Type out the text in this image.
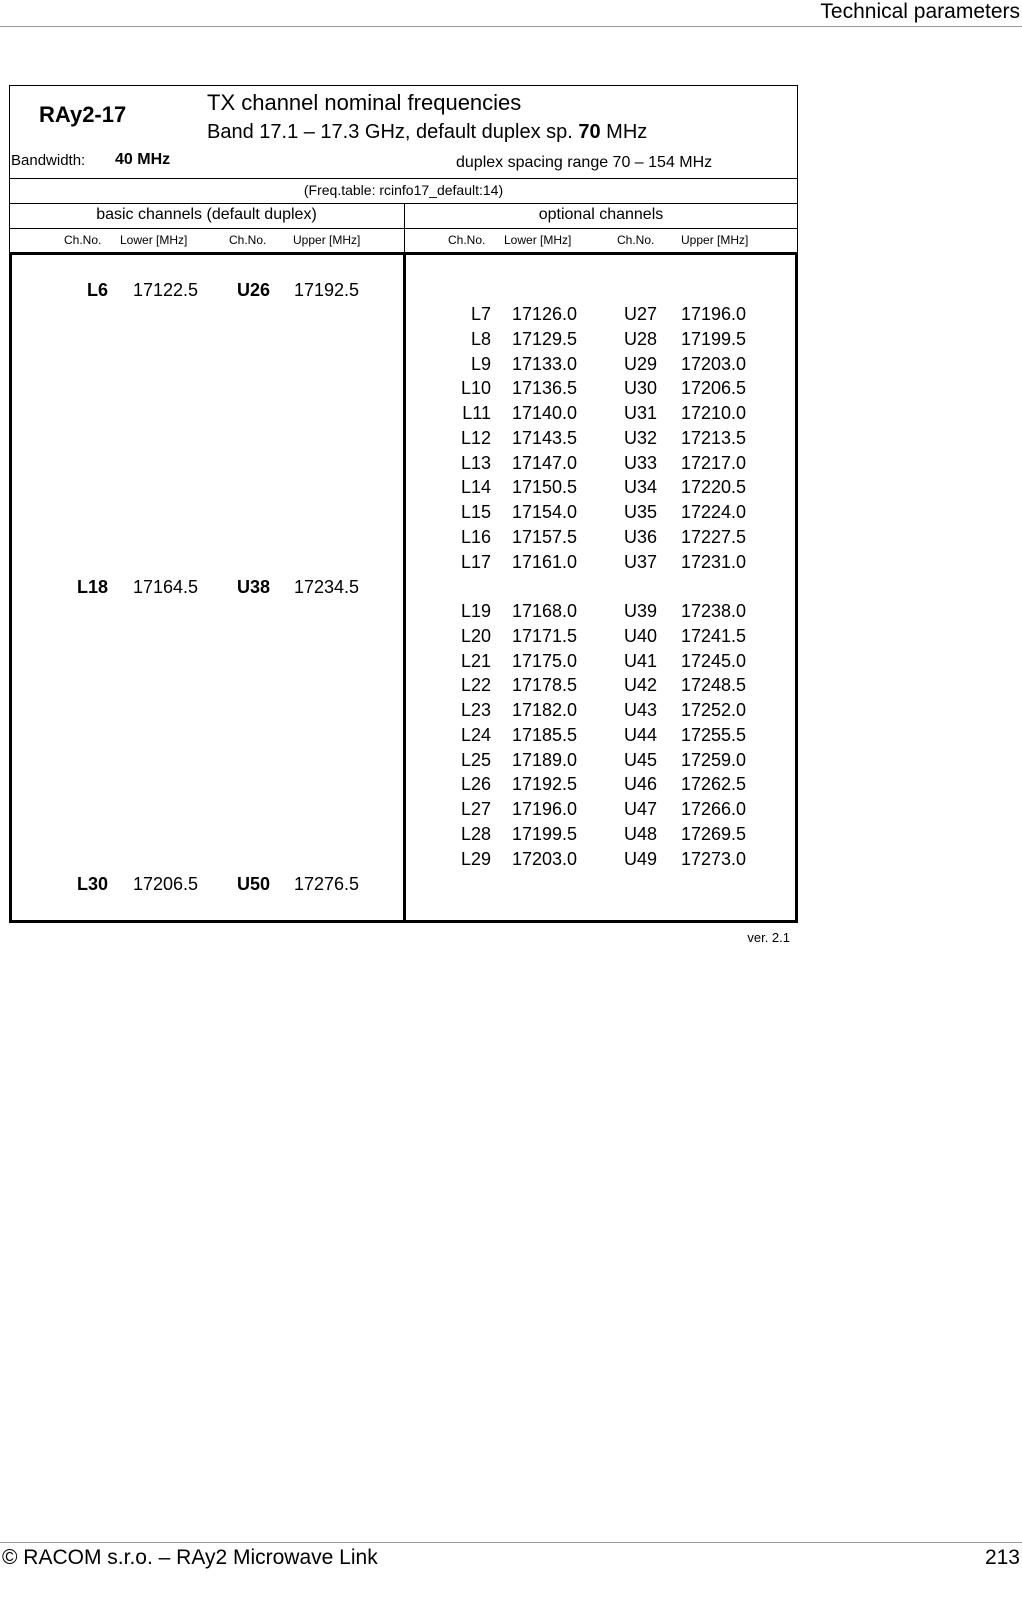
Technical parameters
© RACOM s.r.o. – RAy2 Microwave Link	213
RAy2-17	TX channel nominal frequencies
Band 17.1 – 17.3 GHz, default duplex sp. 70 MHz
Bandwidth: 40 MHz	duplex spacing range 70 – 154 MHz
(Freq.table: rcinfo17_default:14)
basic channels (default duplex)	optional channels
Ch.No. Lower [MHz]	Ch.No. Upper [MHz]	Ch.No. Lower [MHz]	Ch.No. Upper [MHz]
L6 17122.5 U26 17192.5
L18 17164.5 U38 17234.5
L30 17206.5 U50 17276.5
L7 17126.0	U27 17196.0
L8 17129.5	U28 17199.5
L9 17133.0	U29 17203.0
L10 17136.5	U30 17206.5
L11 17140.0	U31 17210.0
L12 17143.5	U32 17213.5
L13 17147.0	U33 17217.0
L14 17150.5	U34 17220.5
L15 17154.0	U35 17224.0
L16 17157.5	U36 17227.5
L17 17161.0	U37 17231.0
L19 17168.0	U39 17238.0
L20 17171.5	U40 17241.5
L21 17175.0	U41 17245.0
L22 17178.5	U42 17248.5
L23 17182.0	U43 17252.0
L24 17185.5	U44 17255.5
L25 17189.0	U45 17259.0
L26 17192.5	U46 17262.5
L27 17196.0	U47 17266.0
L28 17199.5	U48 17269.5
L29 17203.0	U49 17273.0
ver. 2.1
